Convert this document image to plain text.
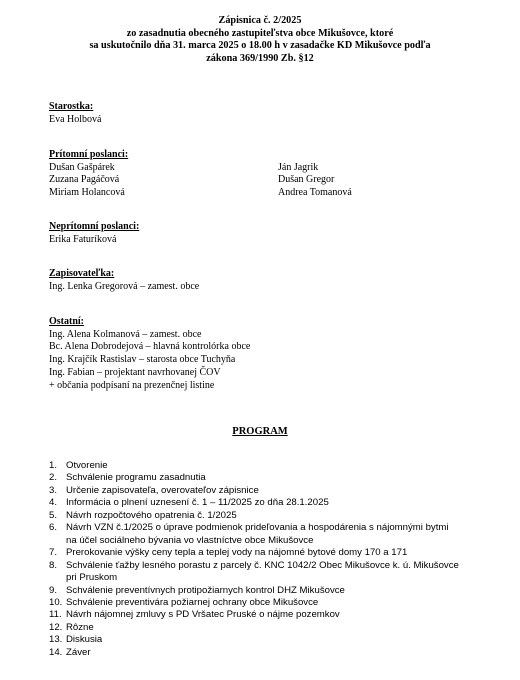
Zápisnica č. 2/2025
zo zasadnutia obecného zastupiteľstva obce Mikušovce, ktoré
sa uskutočnilo dňa 31. marca 2025 o 18.00 h v zasadačke KD Mikušovce podľa
zákona 369/1990 Zb. §12
Starostka:
Eva Holbová
Prítomní poslanci:
Dušan Gašpárek
Zuzana Pagáčová
Miriam Holancová
Ján Jagrik
Dušan Gregor
Andrea Tomanová
Neprítomní poslanci:
Erika Faturíková
Zapisovateľka:
Ing. Lenka Gregorová – zamest. obce
Ostatní:
Ing. Alena Kolmanová – zamest. obce
Bc. Alena Dobrodejová – hlavná kontrolórka obce
Ing. Krajčík Rastislav – starosta obce Tuchyňa
Ing. Fabian – projektant navrhovanej ČOV
+ občania podpísaní na prezenčnej listine
PROGRAM
1. Otvorenie
2. Schválenie programu zasadnutia
3. Určenie zapisovateľa, overovateľov zápisnice
4. Informácia o plnení uznesení č. 1 – 11/2025 zo dňa 28.1.2025
5. Návrh rozpočtového opatrenia č. 1/2025
6. Návrh VZN č.1/2025 o úprave podmienok prideľovania a hospodárenia s nájomnými bytmi
na účel sociálneho bývania vo vlastníctve obce Mikušovce
7. Prerokovanie výšky ceny tepla a teplej vody na nájomné bytové domy 170 a 171
8. Schválenie ťažby lesného porastu z parcely č. KNC 1042/2 Obec Mikušovce k. ú. Mikušovce
pri Pruskom
9. Schválenie preventívnych protipožiarnych kontrol DHZ Mikušovce
10. Schválenie preventivára požiarnej ochrany obce Mikušovce
11. Návrh nájomnej zmluvy s PD Vršatec Pruské o nájme pozemkov
12. Rôzne
13. Diskusia
14. Záver
